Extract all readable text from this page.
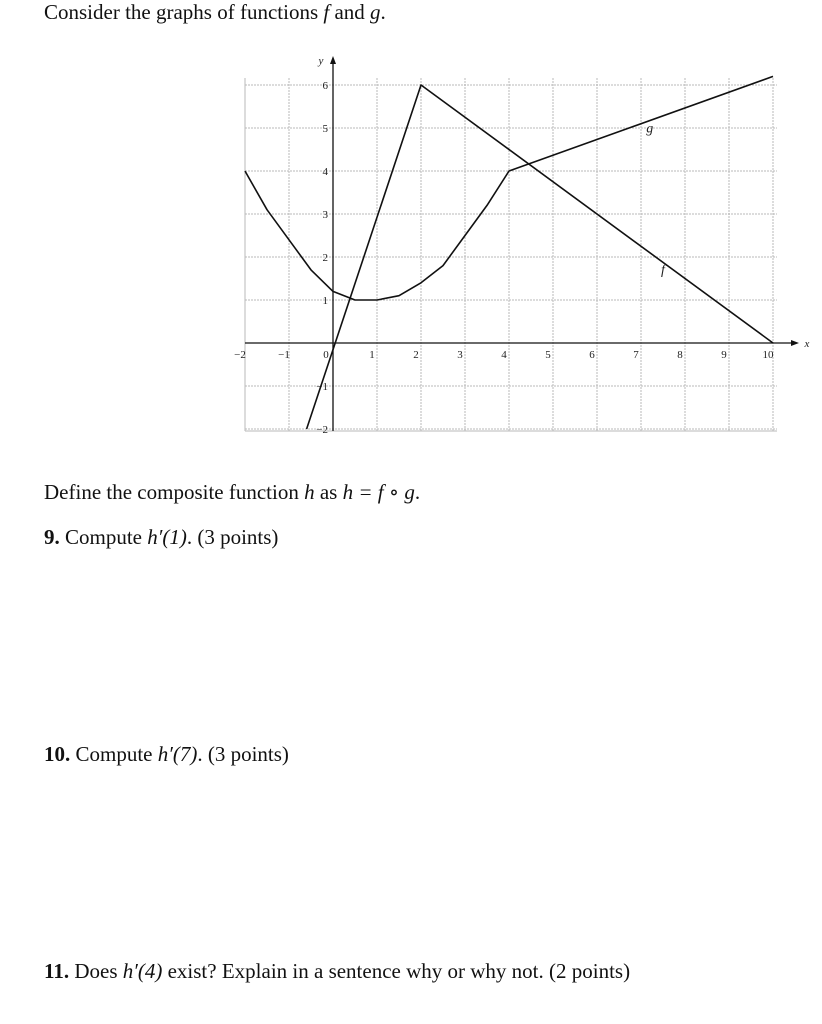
Consider the graphs of functions f and g.
x
y
−2	−1	0	1	2	3	4	5	6	7	8	9	10
−2
−1
1
2
3
4
5
6
f
g
Define the composite function h as h = f ∘ g.
9. Compute h′(1). (3 points)
10. Compute h′(7). (3 points)
11. Does h′(4) exist? Explain in a sentence why or why not. (2 points)
